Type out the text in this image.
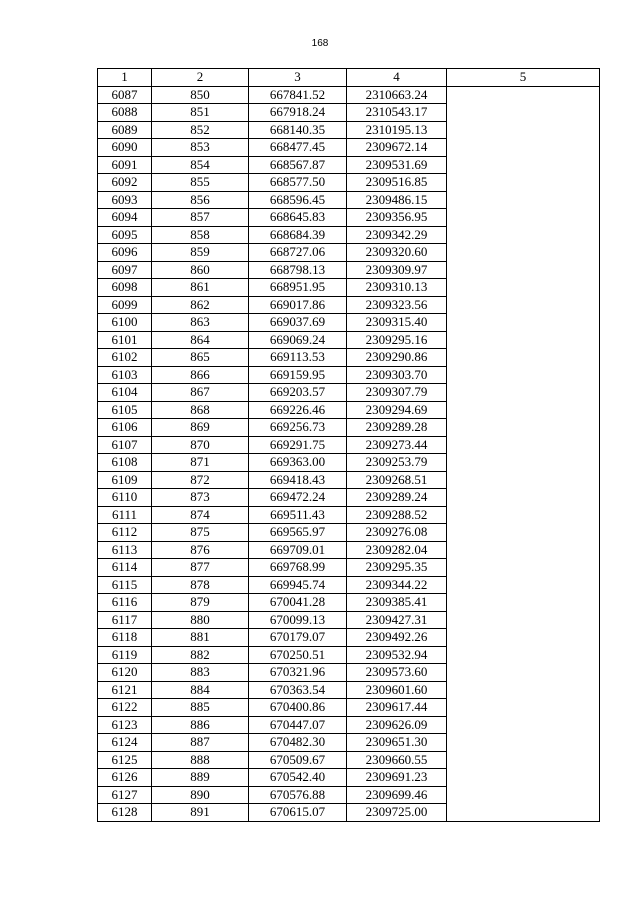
168
1	2	3	4	5
6087	850	667841.52	2310663.24	
6088	851	667918.24	2310543.17	
6089	852	668140.35	2310195.13	
6090	853	668477.45	2309672.14	
6091	854	668567.87	2309531.69	
6092	855	668577.50	2309516.85	
6093	856	668596.45	2309486.15	
6094	857	668645.83	2309356.95	
6095	858	668684.39	2309342.29	
6096	859	668727.06	2309320.60	
6097	860	668798.13	2309309.97	
6098	861	668951.95	2309310.13	
6099	862	669017.86	2309323.56	
6100	863	669037.69	2309315.40	
6101	864	669069.24	2309295.16	
6102	865	669113.53	2309290.86	
6103	866	669159.95	2309303.70	
6104	867	669203.57	2309307.79	
6105	868	669226.46	2309294.69	
6106	869	669256.73	2309289.28	
6107	870	669291.75	2309273.44	
6108	871	669363.00	2309253.79	
6109	872	669418.43	2309268.51	
6110	873	669472.24	2309289.24	
6111	874	669511.43	2309288.52	
6112	875	669565.97	2309276.08	
6113	876	669709.01	2309282.04	
6114	877	669768.99	2309295.35	
6115	878	669945.74	2309344.22	
6116	879	670041.28	2309385.41	
6117	880	670099.13	2309427.31	
6118	881	670179.07	2309492.26	
6119	882	670250.51	2309532.94	
6120	883	670321.96	2309573.60	
6121	884	670363.54	2309601.60	
6122	885	670400.86	2309617.44	
6123	886	670447.07	2309626.09	
6124	887	670482.30	2309651.30	
6125	888	670509.67	2309660.55	
6126	889	670542.40	2309691.23	
6127	890	670576.88	2309699.46	
6128	891	670615.07	2309725.00	
